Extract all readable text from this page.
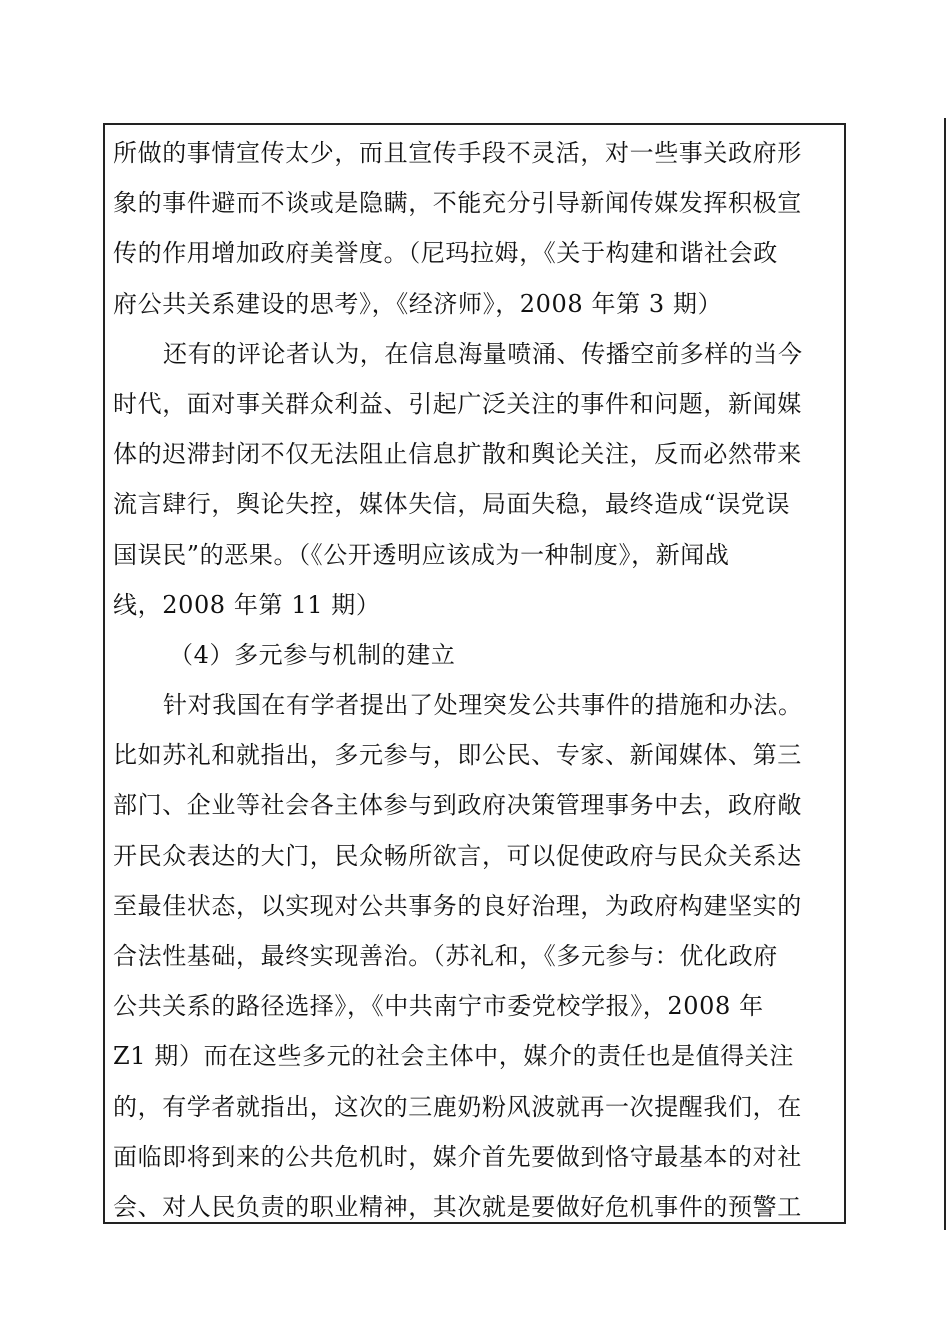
所做的事情宣传太少，而且宣传手段不灵活，对一些事关政府形
象的事件避而不谈或是隐瞒，不能充分引导新闻传媒发挥积极宣
传的作用增加政府美誉度。（尼玛拉姆，《关于构建和谐社会政
府公共关系建设的思考》，《经济师》，2008 年第 3 期）
还有的评论者认为，在信息海量喷涌、传播空前多样的当今
时代，面对事关群众利益、引起广泛关注的事件和问题，新闻媒
体的迟滞封闭不仅无法阻止信息扩散和舆论关注，反而必然带来
流言肆行，舆论失控，媒体失信，局面失稳，最终造成“误党误
国误民”的恶果。（《公开透明应该成为一种制度》，新闻战
线，2008 年第 11 期）
（4）多元参与机制的建立
针对我国在有学者提出了处理突发公共事件的措施和办法。
比如苏礼和就指出，多元参与，即公民、专家、新闻媒体、第三
部门、企业等社会各主体参与到政府决策管理事务中去，政府敞
开民众表达的大门，民众畅所欲言，可以促使政府与民众关系达
至最佳状态，以实现对公共事务的良好治理，为政府构建坚实的
合法性基础，最终实现善治。（苏礼和，《多元参与：优化政府
公共关系的路径选择》，《中共南宁市委党校学报》，2008 年
Z1 期）而在这些多元的社会主体中，媒介的责任也是值得关注
的，有学者就指出，这次的三鹿奶粉风波就再一次提醒我们，在
面临即将到来的公共危机时，媒介首先要做到恪守最基本的对社
会、对人民负责的职业精神，其次就是要做好危机事件的预警工
